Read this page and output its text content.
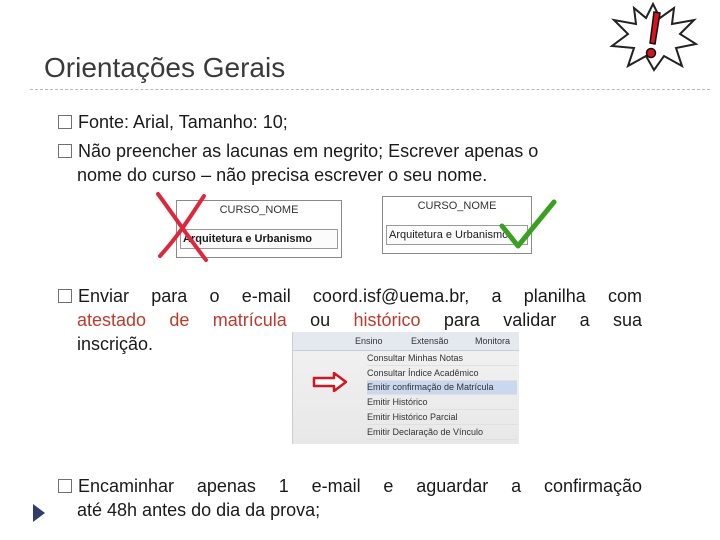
Orientações Gerais
Fonte: Arial, Tamanho: 10;
Não preencher as lacunas em negrito; Escrever apenas o
nome do curso – não precisa escrever o seu nome.
CURSO_NOME
Arquitetura e Urbanismo
CURSO_NOME
Arquitetura e Urbanismo
Enviar para o e-mail coord.isf@uema.br, a planilha com
atestado de matrícula ou histórico para validar a sua
inscrição.	Ensino	Extensão	Monitora
Consultar Minhas Notas
Consultar Índice Acadêmico
Emitir confirmação de Matrícula
Emitir Histórico
Emitir Histórico Parcial
Emitir Declaração de Vínculo
Encaminhar apenas 1 e-mail e aguardar a confirmação
até 48h antes do dia da prova;
